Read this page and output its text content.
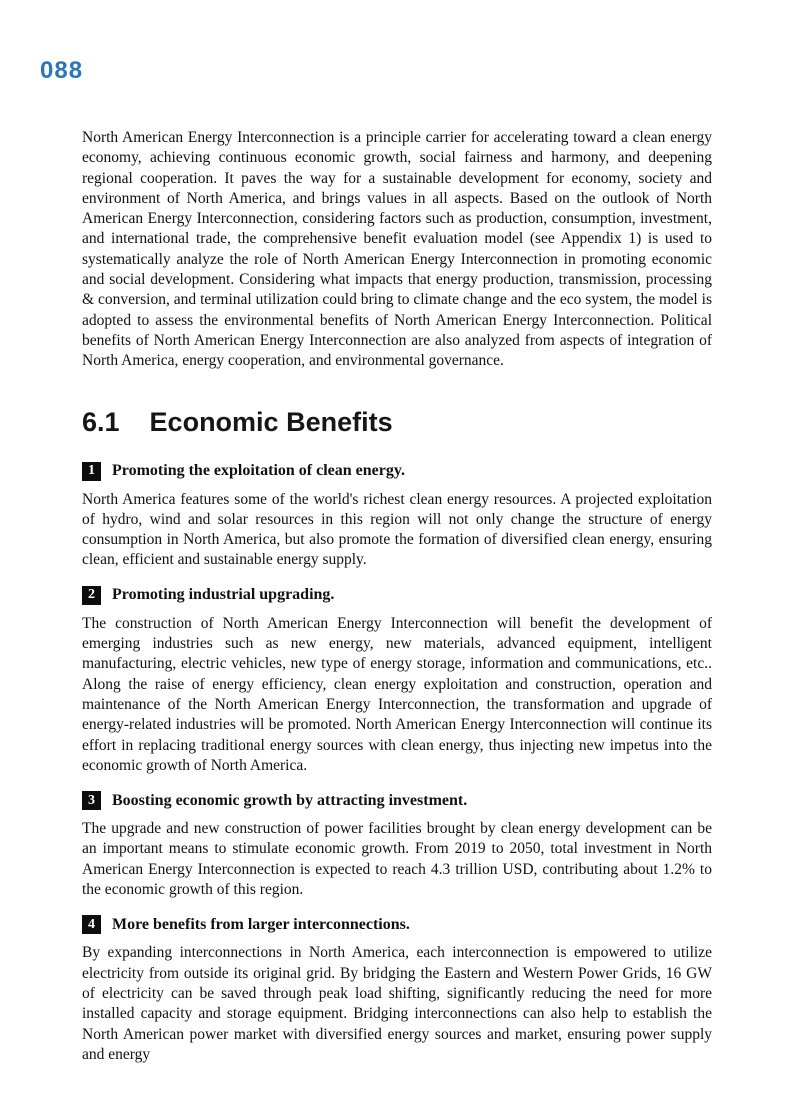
088

North American Energy Interconnection is a principle carrier for accelerating toward a clean energy economy, achieving continuous economic growth, social fairness and harmony, and deepening regional cooperation. It paves the way for a sustainable development for economy, society and environment of North America, and brings values in all aspects. Based on the outlook of North American Energy Interconnection, considering factors such as production, consumption, investment, and international trade, the comprehensive benefit evaluation model (see Appendix 1) is used to systematically analyze the role of North American Energy Interconnection in promoting economic and social development. Considering what impacts that energy production, transmission, processing & conversion, and terminal utilization could bring to climate change and the eco system, the model is adopted to assess the environmental benefits of North American Energy Interconnection. Political benefits of North American Energy Interconnection are also analyzed from aspects of integration of North America, energy cooperation, and environmental governance.

6.1 Economic Benefits
1	Promoting the exploitation of clean energy.

North America features some of the world's richest clean energy resources. A projected exploitation of hydro, wind and solar resources in this region will not only change the structure of energy consumption in North America, but also promote the formation of diversified clean energy, ensuring clean, efficient and sustainable energy supply.

2	Promoting industrial upgrading.

The construction of North American Energy Interconnection will benefit the development of emerging industries such as new energy, new materials, advanced equipment, intelligent manufacturing, electric vehicles, new type of energy storage, information and communications, etc.. Along the raise of energy efficiency, clean energy exploitation and construction, operation and maintenance of the North American Energy Interconnection, the transformation and upgrade of energy-related industries will be promoted. North American Energy Interconnection will continue its effort in replacing traditional energy sources with clean energy, thus injecting new impetus into the economic growth of North America.

3	Boosting economic growth by attracting investment.

The upgrade and new construction of power facilities brought by clean energy development can be an important means to stimulate economic growth. From 2019 to 2050, total investment in North American Energy Interconnection is expected to reach 4.3 trillion USD, contributing about 1.2% to the economic growth of this region.

4	More benefits from larger interconnections.

By expanding interconnections in North America, each interconnection is empowered to utilize electricity from outside its original grid. By bridging the Eastern and Western Power Grids, 16 GW of electricity can be saved through peak load shifting, significantly reducing the need for more installed capacity and storage equipment. Bridging interconnections can also help to establish the North American power market with diversified energy sources and market, ensuring power supply and energy
